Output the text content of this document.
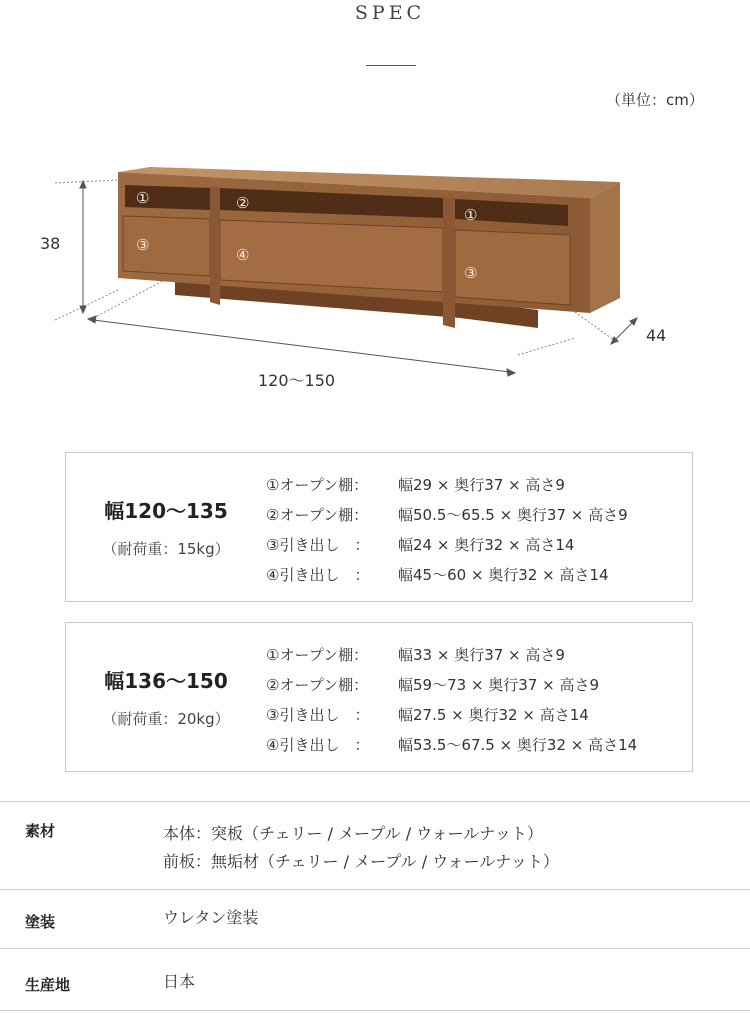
SPEC
（単位：cm）
38
44
120〜150
①	②
①
③
④
③
幅120〜135
（耐荷重：15kg）
①オープン棚： 幅29 × 奥行37 × 高さ9
②オープン棚： 幅50.5〜65.5 × 奥行37 × 高さ9
③引き出し　： 幅24 × 奥行32 × 高さ14
④引き出し　： 幅45〜60 × 奥行32 × 高さ14
幅136〜150
（耐荷重：20kg）
①オープン棚： 幅33 × 奥行37 × 高さ9
②オープン棚： 幅59〜73 × 奥行37 × 高さ9
③引き出し　： 幅27.5 × 奥行32 × 高さ14
④引き出し　： 幅53.5〜67.5 × 奥行32 × 高さ14
素材	本体：突板（チェリー / メープル / ウォールナット）
前板：無垢材（チェリー / メープル / ウォールナット）
塗装	ウレタン塗装
生産地	日本
